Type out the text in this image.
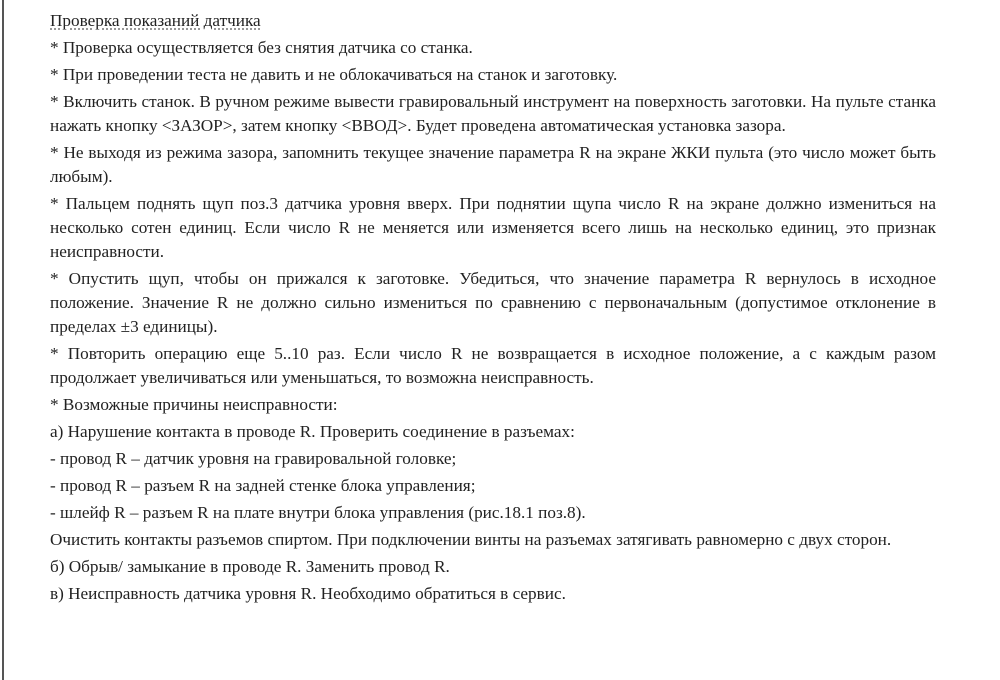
Проверка показаний датчика

* Проверка осуществляется без снятия датчика со станка.

* При проведении теста не давить и не облокачиваться на станок и заготовку.

* Включить станок. В ручном режиме вывести гравировальный инструмент на поверхность заготовки. На пульте станка нажать кнопку <ЗАЗОР>, затем кнопку <ВВОД>. Будет проведена автоматическая установка зазора.

* Не выходя из режима зазора, запомнить текущее значение параметра R на экране ЖКИ пульта (это число может быть любым).

* Пальцем поднять щуп поз.3 датчика уровня вверх. При поднятии щупа число R на экране должно измениться на несколько сотен единиц. Если число R не меняется или изменяется всего лишь на несколько единиц, это признак неисправности.

* Опустить щуп, чтобы он прижался к заготовке. Убедиться, что значение параметра R вернулось в исходное положение. Значение R не должно сильно измениться по сравнению с первоначальным (допустимое отклонение в пределах ±3 единицы).

* Повторить операцию еще 5..10 раз. Если число R не возвращается в исходное положение, а с каждым разом продолжает увеличиваться или уменьшаться, то возможна неисправность.

* Возможные причины неисправности:

а) Нарушение контакта в проводе R. Проверить соединение в разъемах:

- провод R – датчик уровня на гравировальной головке;

- провод R – разъем R на задней стенке блока управления;

- шлейф R – разъем R на плате внутри блока управления (рис.18.1 поз.8).

Очистить контакты разъемов спиртом. При подключении винты на разъемах затягивать равномерно с двух сторон.

б) Обрыв/ замыкание в проводе R. Заменить провод R.

в) Неисправность датчика уровня R. Необходимо обратиться в сервис.
